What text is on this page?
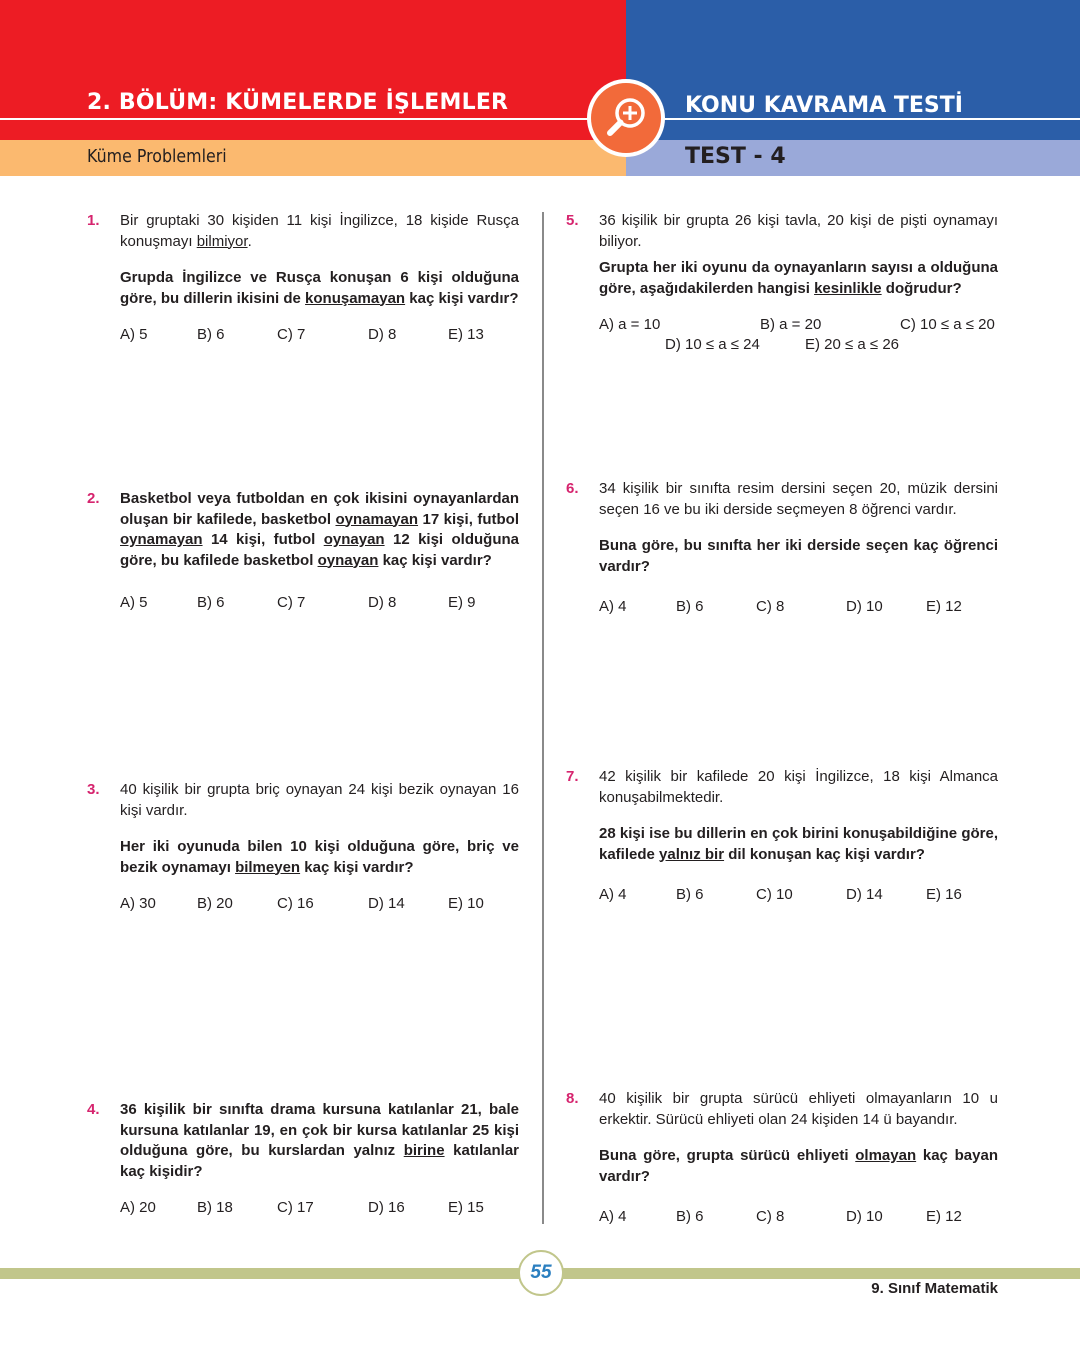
2. BÖLÜM: KÜMELERDE İŞLEMLER
Küme Problemleri
KONU KAVRAMA TESTİ
TEST - 4
1. Bir gruptaki 30 kişiden 11 kişi İngilizce, 18 kişide Rusça konuşmayı bilmiyor.

Grupda İngilizce ve Rusça konuşan 6 kişi olduğuna göre, bu dillerin ikisini de konuşamayan kaç kişi vardır?

A) 5	B) 6	C) 7	D) 8	E) 13
2. Basketbol veya futboldan en çok ikisini oynayanlardan oluşan bir kafilede, basketbol oynamayan 17 kişi, futbol oynamayan 14 kişi, futbol oynayan 12 kişi olduğuna göre, bu kafilede basketbol oynayan kaç kişi vardır?

A) 5	B) 6	C) 7	D) 8	E) 9
3. 40 kişilik bir grupta briç oynayan 24 kişi bezik oynayan 16 kişi vardır.

Her iki oyunuda bilen 10 kişi olduğuna göre, briç ve bezik oynamayı bilmeyen kaç kişi vardır?

A) 30	B) 20	C) 16	D) 14	E) 10
4. 36 kişilik bir sınıfta drama kursuna katılanlar 21, bale kursuna katılanlar 19, en çok bir kursa katılanlar 25 kişi olduğuna göre, bu kurslardan yalnız birine katılanlar kaç kişidir?

A) 20	B) 18	C) 17	D) 16	E) 15
5. 36 kişilik bir grupta 26 kişi tavla, 20 kişi de pişti oynamayı biliyor.

Grupta her iki oyunu da oynayanların sayısı a olduğuna göre, aşağıdakilerden hangisi kesinlikle doğrudur?

A) a = 10	B) a = 20	C) 10 ≤ a ≤ 20
D) 10 ≤ a ≤ 24	E) 20 ≤ a ≤ 26
6. 34 kişilik bir sınıfta resim dersini seçen 20, müzik dersini seçen 16 ve bu iki derside seçmeyen 8 öğrenci vardır.

Buna göre, bu sınıfta her iki derside seçen kaç öğrenci vardır?

A) 4	B) 6	C) 8	D) 10	E) 12
7. 42 kişilik bir kafilede 20 kişi İngilizce, 18 kişi Almanca konuşabilmektedir.

28 kişi ise bu dillerin en çok birini konuşabildiğine göre, kafilede yalnız bir dil konuşan kaç kişi vardır?

A) 4	B) 6	C) 10	D) 14	E) 16
8. 40 kişilik bir grupta sürücü ehliyeti olmayanların 10 u erkektir. Sürücü ehliyeti olan 24 kişiden 14 ü bayandır.

Buna göre, grupta sürücü ehliyeti olmayan kaç bayan vardır?

A) 4	B) 6	C) 8	D) 10	E) 12
55
9. Sınıf Matematik
